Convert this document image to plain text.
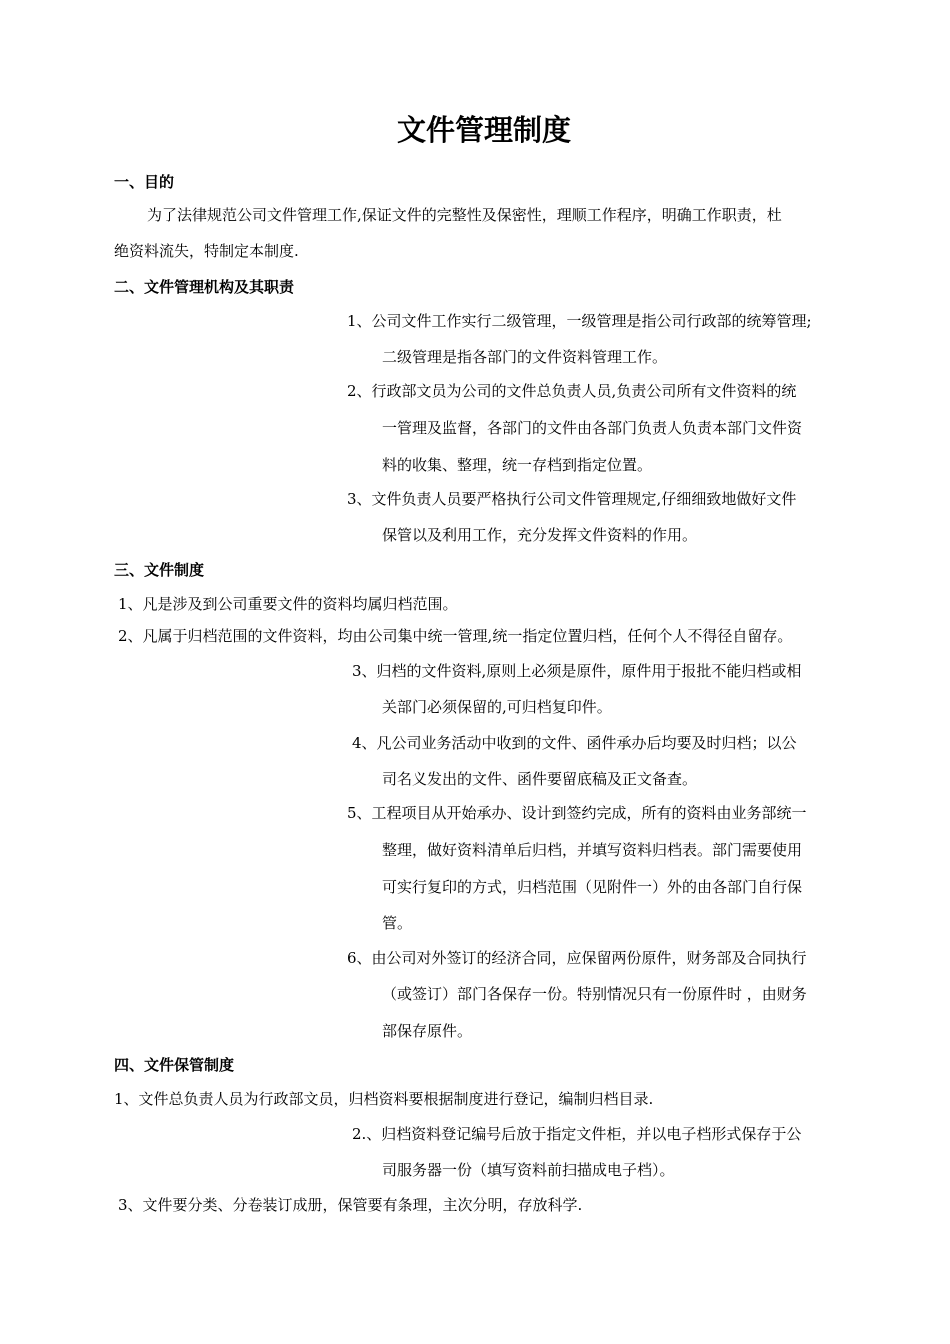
文件管理制度
一、目的
为了法律规范公司文件管理工作,保证文件的完整性及保密性，理顺工作程序，明确工作职责，杜
绝资料流失，特制定本制度.
二、文件管理机构及其职责
1、公司文件工作实行二级管理，一级管理是指公司行政部的统筹管理;
二级管理是指各部门的文件资料管理工作。
2、行政部文员为公司的文件总负责人员,负责公司所有文件资料的统
一管理及监督，各部门的文件由各部门负责人负责本部门文件资
料的收集、整理，统一存档到指定位置。
3、文件负责人员要严格执行公司文件管理规定,仔细细致地做好文件
保管以及利用工作，充分发挥文件资料的作用。
三、文件制度
1、凡是涉及到公司重要文件的资料均属归档范围。
2、凡属于归档范围的文件资料，均由公司集中统一管理,统一指定位置归档，任何个人不得径自留存。
3、归档的文件资料,原则上必须是原件，原件用于报批不能归档或相
关部门必须保留的,可归档复印件。
4、凡公司业务活动中收到的文件、函件承办后均要及时归档；以公
司名义发出的文件、函件要留底稿及正文备查。
5、工程项目从开始承办、设计到签约完成，所有的资料由业务部统一
整理，做好资料清单后归档，并填写资料归档表。部门需要使用
可实行复印的方式，归档范围（见附件一）外的由各部门自行保
管。
6、由公司对外签订的经济合同，应保留两份原件，财务部及合同执行
（或签订）部门各保存一份。特别情况只有一份原件时 ，由财务
部保存原件。
四、文件保管制度
1、文件总负责人员为行政部文员，归档资料要根据制度进行登记，编制归档目录.
2.、归档资料登记编号后放于指定文件柜，并以电子档形式保存于公
司服务器一份（填写资料前扫描成电子档）。
3、文件要分类、分卷装订成册，保管要有条理，主次分明，存放科学.
